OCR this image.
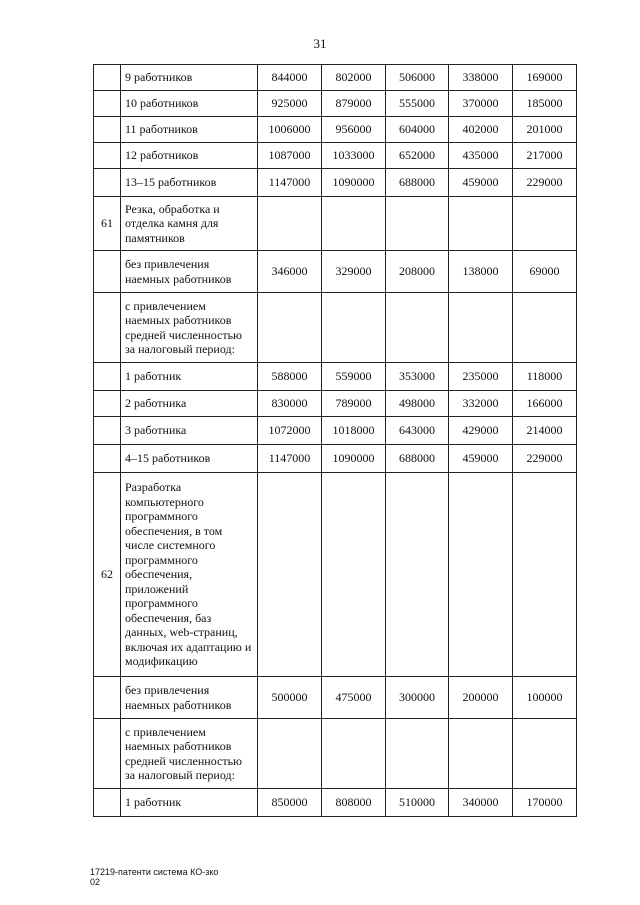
31
	9 работников	844000	802000	506000	338000	169000
	10 работников	925000	879000	555000	370000	185000
	11 работников	1006000	956000	604000	402000	201000
	12 работников	1087000	1033000	652000	435000	217000
	13–15 работников	1147000	1090000	688000	459000	229000
61	Резка, обработка и отделка камня для памятников					
	без привлечения наемных работников	346000	329000	208000	138000	69000
	с привлечением наемных работников средней численностью за налоговый период:					
	1 работник	588000	559000	353000	235000	118000
	2 работника	830000	789000	498000	332000	166000
	3 работника	1072000	1018000	643000	429000	214000
	4–15 работников	1147000	1090000	688000	459000	229000
62	Разработка компьютерного программного обеспечения, в том числе системного программного обеспечения, приложений программного обеспечения, баз данных, web-страниц, включая их адаптацию и модификацию					
	без привлечения наемных работников	500000	475000	300000	200000	100000
	с привлечением наемных работников средней численностью за налоговый период:					
	1 работник	850000	808000	510000	340000	170000
17219-патенти система КО-зко
02
